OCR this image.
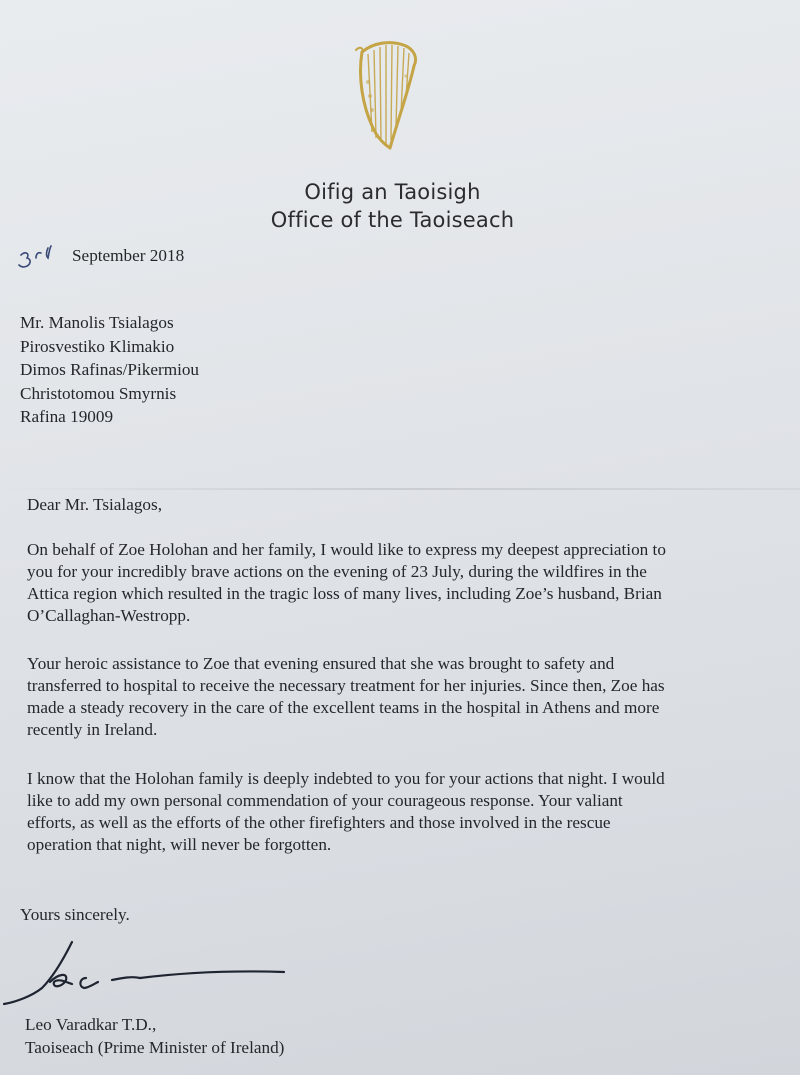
Oifig an Taoisigh
Office of the Taoiseach
September 2018
Mr. Manolis Tsialagos
Pirosvestiko Klimakio
Dimos Rafinas/Pikermiou
Christotomou Smyrnis
Rafina 19009
Dear Mr. Tsialagos,
On behalf of Zoe Holohan and her family, I would like to express my deepest appreciation to
you for your incredibly brave actions on the evening of 23 July, during the wildfires in the
Attica region which resulted in the tragic loss of many lives, including Zoe’s husband, Brian
O’Callaghan-Westropp.
Your heroic assistance to Zoe that evening ensured that she was brought to safety and
transferred to hospital to receive the necessary treatment for her injuries. Since then, Zoe has
made a steady recovery in the care of the excellent teams in the hospital in Athens and more
recently in Ireland.
I know that the Holohan family is deeply indebted to you for your actions that night. I would
like to add my own personal commendation of your courageous response. Your valiant
efforts, as well as the efforts of the other firefighters and those involved in the rescue
operation that night, will never be forgotten.
Yours sincerely.
Leo Varadkar T.D.,
Taoiseach (Prime Minister of Ireland)
